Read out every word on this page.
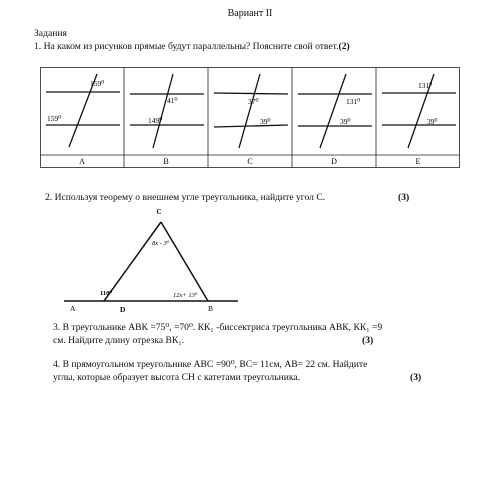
Вариант II
Задания
1. На каком из рисунков прямые будут параллельны? Поясните свой ответ.(2)
159⁰
159⁰
A
41⁰
149⁰
B
37⁰
39⁰
C
131⁰
39⁰
D
131⁰
39⁰
E
2. Используя теорему о внешнем угле треугольника, найдите угол С.	(3)
C
8x - 3⁰
110⁰	12x+ 13⁰
A	D	B
3. В треугольнике АВК =75⁰, =70⁰. КК₁ -биссектриса треугольника АВК, КК₁ =9
см. Найдите длину отрезка ВК₁.	(3)
4. В прямоугольном треугольнике АВС =90⁰, ВС= 11см, АВ= 22 см. Найдите
углы, которые образует высота СН с катетами треугольника.	(3)
